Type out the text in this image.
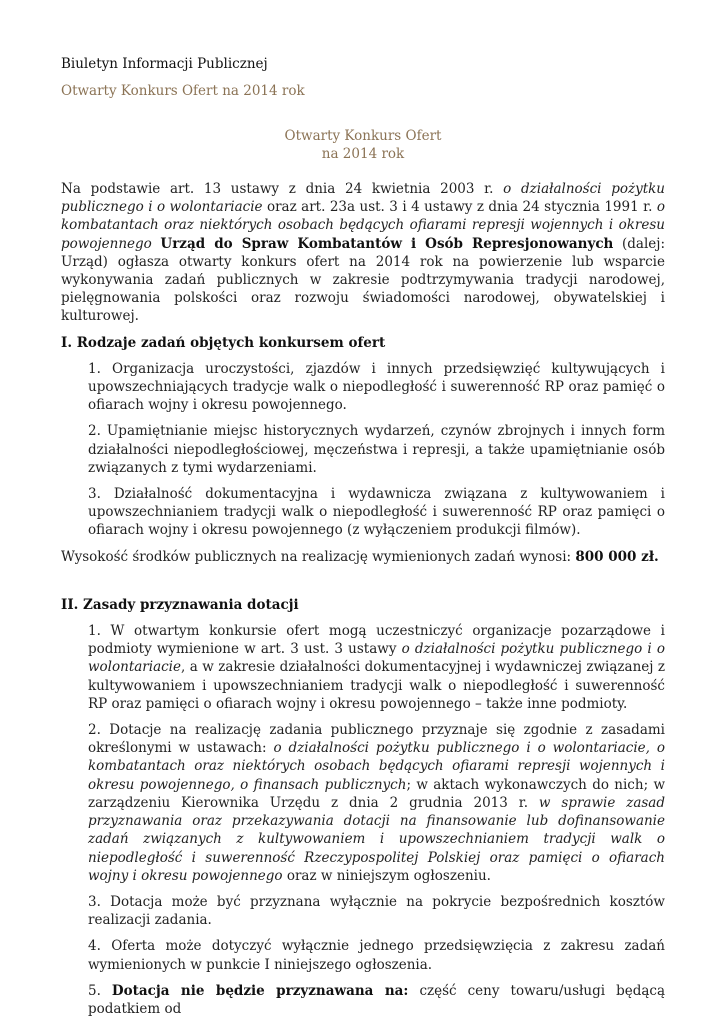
Biuletyn Informacji Publicznej
Otwarty Konkurs Ofert na 2014 rok
Otwarty Konkurs Ofert
na 2014 rok

Na podstawie art. 13 ustawy z dnia 24 kwietnia 2003 r. o działalności pożytku publicznego i o wolontariacie oraz art. 23a ust. 3 i 4 ustawy z dnia 24 stycznia 1991 r. o kombatantach oraz niektórych osobach będących ofiarami represji wojennych i okresu powojennego Urząd do Spraw Kombatantów i Osób Represjonowanych (dalej: Urząd) ogłasza otwarty konkurs ofert na 2014 rok na powierzenie lub wsparcie wykonywania zadań publicznych w zakresie podtrzymywania tradycji narodowej, pielęgnowania polskości oraz rozwoju świadomości narodowej, obywatelskiej i kulturowej.

I. Rodzaje zadań objętych konkursem ofert

1. Organizacja uroczystości, zjazdów i innych przedsięwzięć kultywujących i upowszechniających tradycje walk o niepodległość i suwerenność RP oraz pamięć o ofiarach wojny i okresu powojennego.

2. Upamiętnianie miejsc historycznych wydarzeń, czynów zbrojnych i innych form działalności niepodległościowej, męczeństwa i represji, a także upamiętnianie osób związanych z tymi wydarzeniami.

3. Działalność dokumentacyjna i wydawnicza związana z kultywowaniem i upowszechnianiem tradycji walk o niepodległość i suwerenność RP oraz pamięci o ofiarach wojny i okresu powojennego (z wyłączeniem produkcji filmów).

Wysokość środków publicznych na realizację wymienionych zadań wynosi: 800 000 zł.

II. Zasady przyznawania dotacji

1. W otwartym konkursie ofert mogą uczestniczyć organizacje pozarządowe i podmioty wymienione w art. 3 ust. 3 ustawy o działalności pożytku publicznego i o wolontariacie, a w zakresie działalności dokumentacyjnej i wydawniczej związanej z kultywowaniem i upowszechnianiem tradycji walk o niepodległość i suwerenność RP oraz pamięci o ofiarach wojny i okresu powojennego – także inne podmioty.

2. Dotacje na realizację zadania publicznego przyznaje się zgodnie z zasadami określonymi w ustawach: o działalności pożytku publicznego i o wolontariacie, o kombatantach oraz niektórych osobach będących ofiarami represji wojennych i okresu powojennego, o finansach publicznych; w aktach wykonawczych do nich; w zarządzeniu Kierownika Urzędu z dnia 2 grudnia 2013 r. w sprawie zasad przyznawania oraz przekazywania dotacji na finansowanie lub dofinansowanie zadań związanych z kultywowaniem i upowszechnianiem tradycji walk o niepodległość i suwerenność Rzeczypospolitej Polskiej oraz pamięci o ofiarach wojny i okresu powojennego oraz w niniejszym ogłoszeniu.

3. Dotacja może być przyznana wyłącznie na pokrycie bezpośrednich kosztów realizacji zadania.

4. Oferta może dotyczyć wyłącznie jednego przedsięwzięcia z zakresu zadań wymienionych w punkcie I niniejszego ogłoszenia.

5. Dotacja nie będzie przyznawana na: część ceny towaru/usługi będącą podatkiem od
